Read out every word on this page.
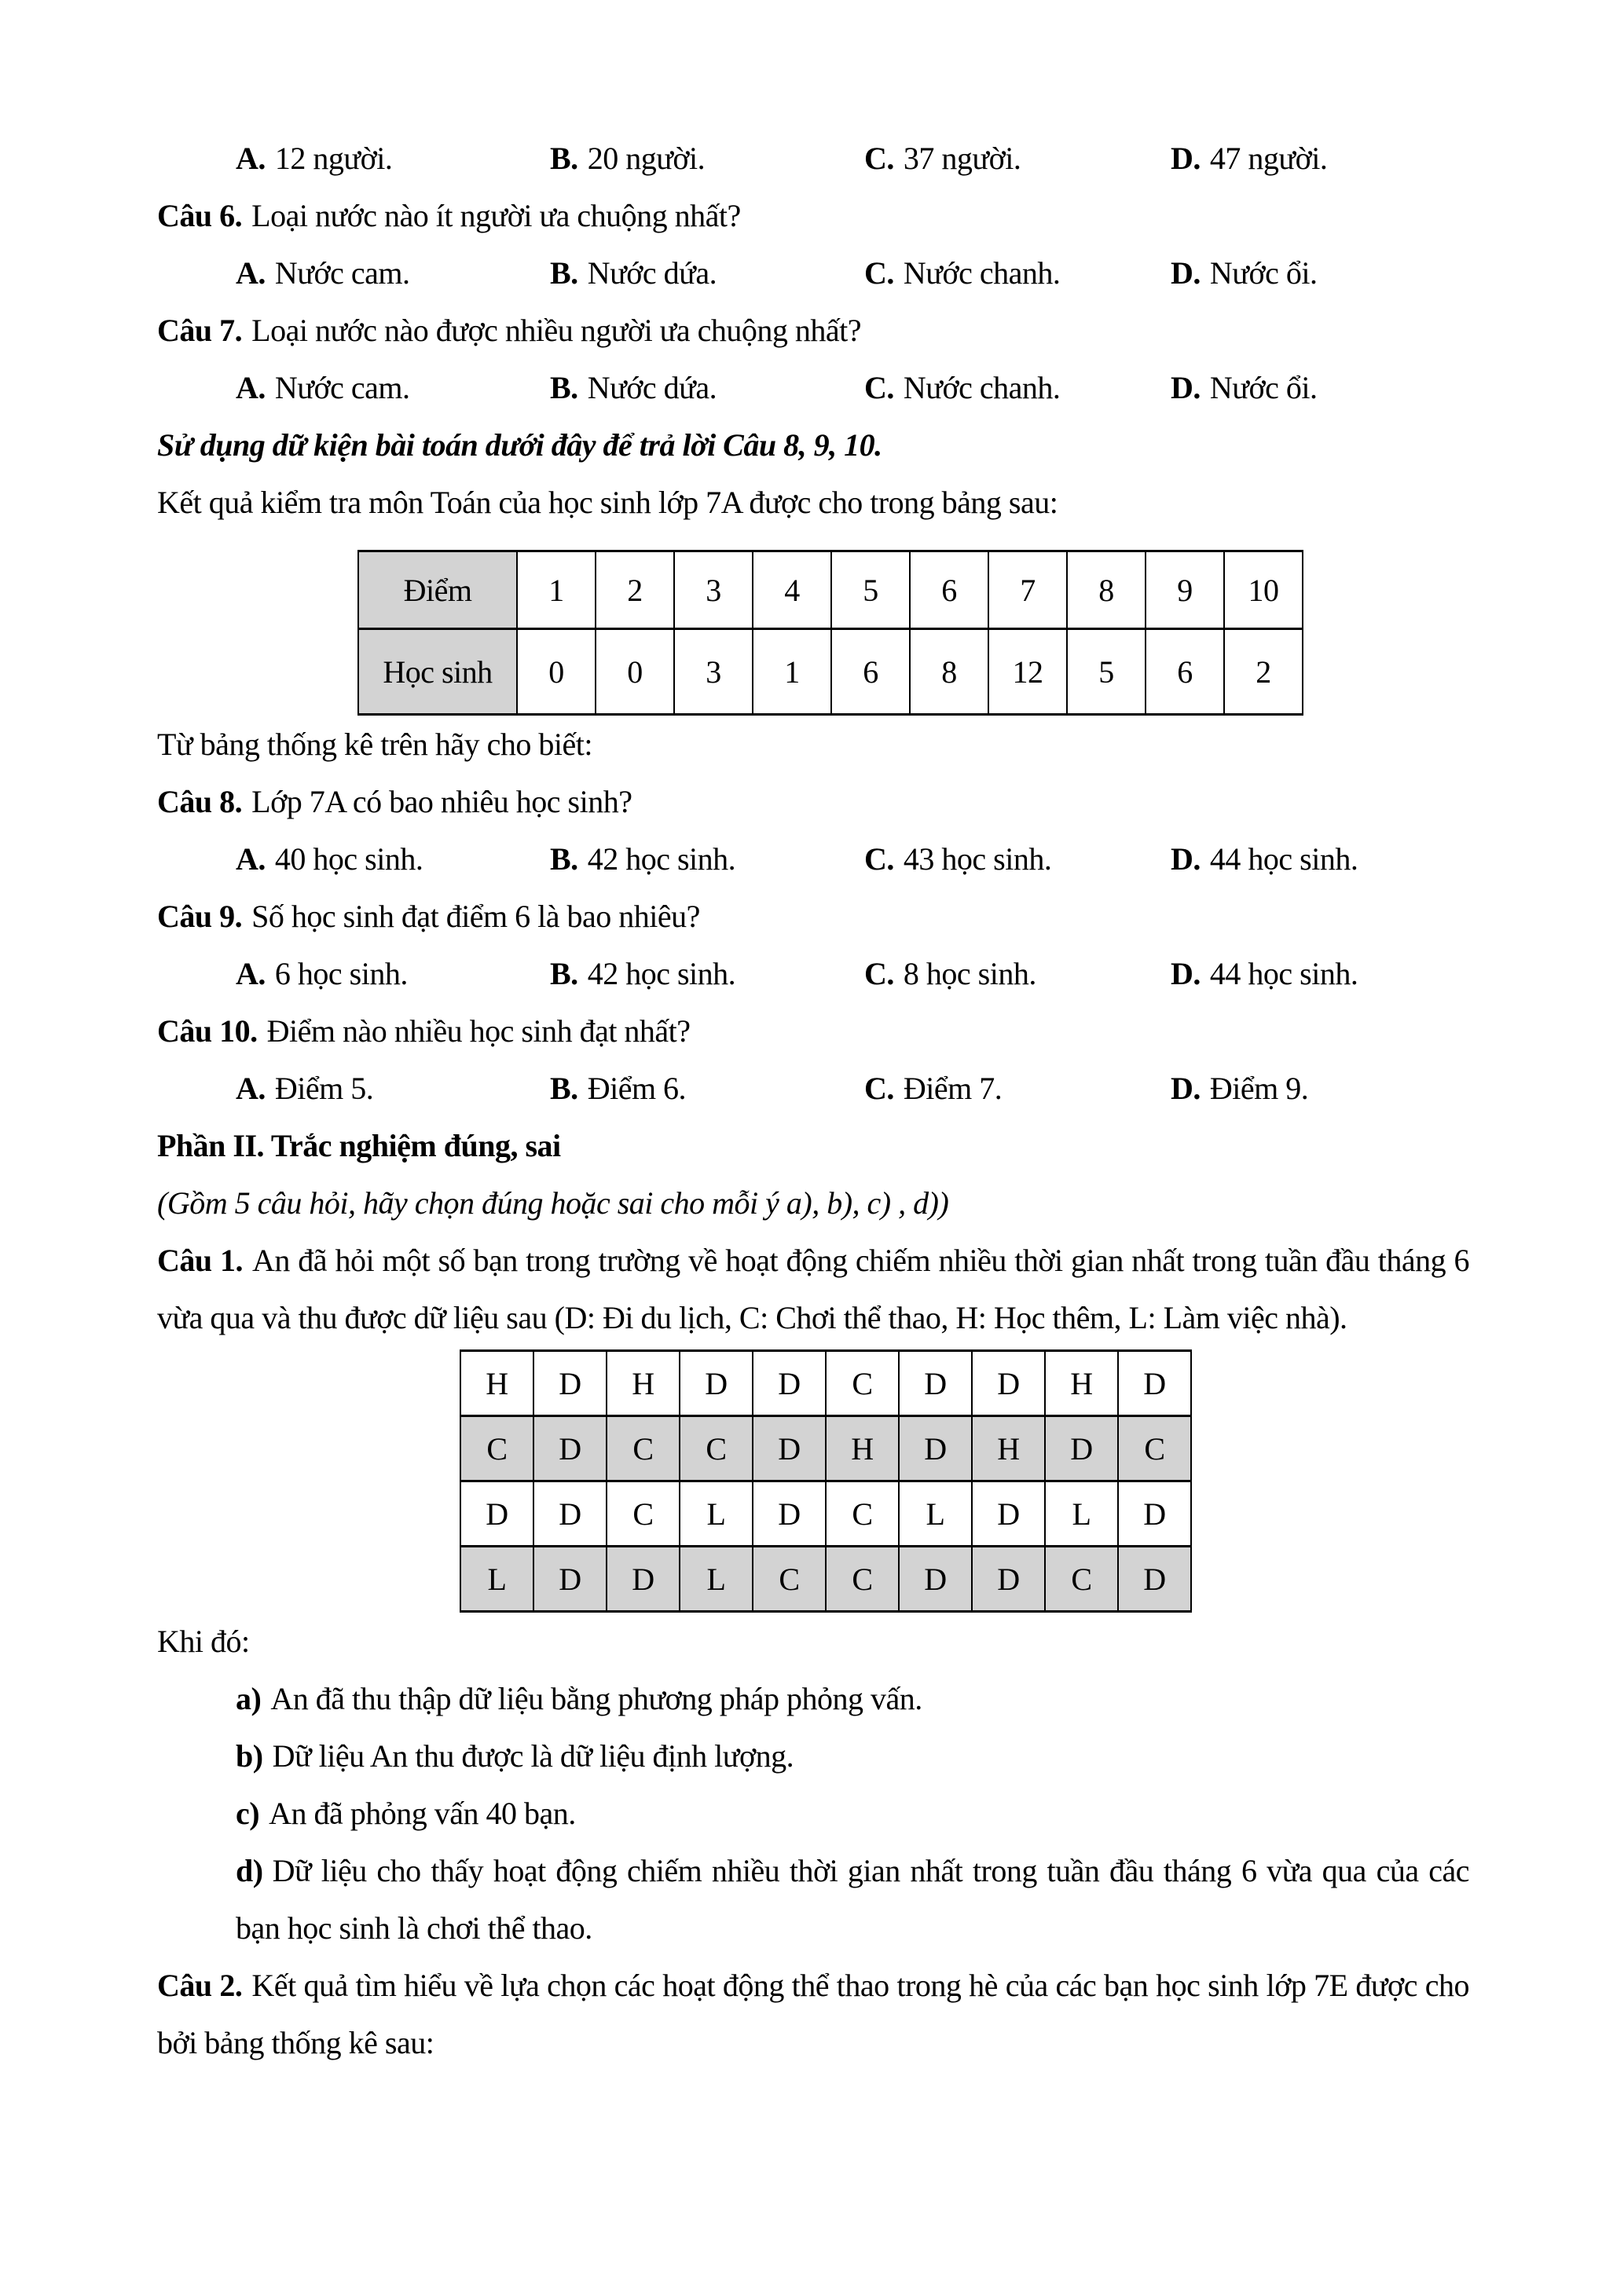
A. 12 người.	B. 20 người.	C. 37 người.	D. 47 người.
Câu 6. Loại nước nào ít người ưa chuộng nhất?
A. Nước cam.	B. Nước dứa.	C. Nước chanh.	D. Nước ổi.
Câu 7. Loại nước nào được nhiều người ưa chuộng nhất?
A. Nước cam.	B. Nước dứa.	C. Nước chanh.	D. Nước ổi.
Sử dụng dữ kiện bài toán dưới đây để trả lời Câu 8, 9, 10.
Kết quả kiểm tra môn Toán của học sinh lớp 7A được cho trong bảng sau:
Điểm	1	2	3	4	5	6	7	8	9	10
Học sinh	0	0	3	1	6	8	12	5	6	2
Từ bảng thống kê trên hãy cho biết:
Câu 8. Lớp 7A có bao nhiêu học sinh?
A. 40 học sinh.	B. 42 học sinh.	C. 43 học sinh.	D. 44 học sinh.
Câu 9. Số học sinh đạt điểm 6 là bao nhiêu?
A. 6 học sinh.	B. 42 học sinh.	C. 8 học sinh.	D. 44 học sinh.
Câu 10. Điểm nào nhiều học sinh đạt nhất?
A. Điểm 5.	B. Điểm 6.	C. Điểm 7.	D. Điểm 9.
Phần II. Trắc nghiệm đúng, sai
(Gồm 5 câu hỏi, hãy chọn đúng hoặc sai cho mỗi ý a), b), c) , d))
Câu 1. An đã hỏi một số bạn trong trường về hoạt động chiếm nhiều thời gian nhất trong tuần đầu tháng 6 vừa qua và thu được dữ liệu sau (D: Đi du lịch, C: Chơi thể thao, H: Học thêm, L: Làm việc nhà).
H	D	H	D	D	C	D	D	H	D
C	D	C	C	D	H	D	H	D	C
D	D	C	L	D	C	L	D	L	D
L	D	D	L	C	C	D	D	C	D
Khi đó:
a) An đã thu thập dữ liệu bằng phương pháp phỏng vấn.
b) Dữ liệu An thu được là dữ liệu định lượng.
c) An đã phỏng vấn 40 bạn.
d) Dữ liệu cho thấy hoạt động chiếm nhiều thời gian nhất trong tuần đầu tháng 6 vừa qua của các bạn học sinh là chơi thể thao.
Câu 2. Kết quả tìm hiểu về lựa chọn các hoạt động thể thao trong hè của các bạn học sinh lớp 7E được cho bởi bảng thống kê sau:
